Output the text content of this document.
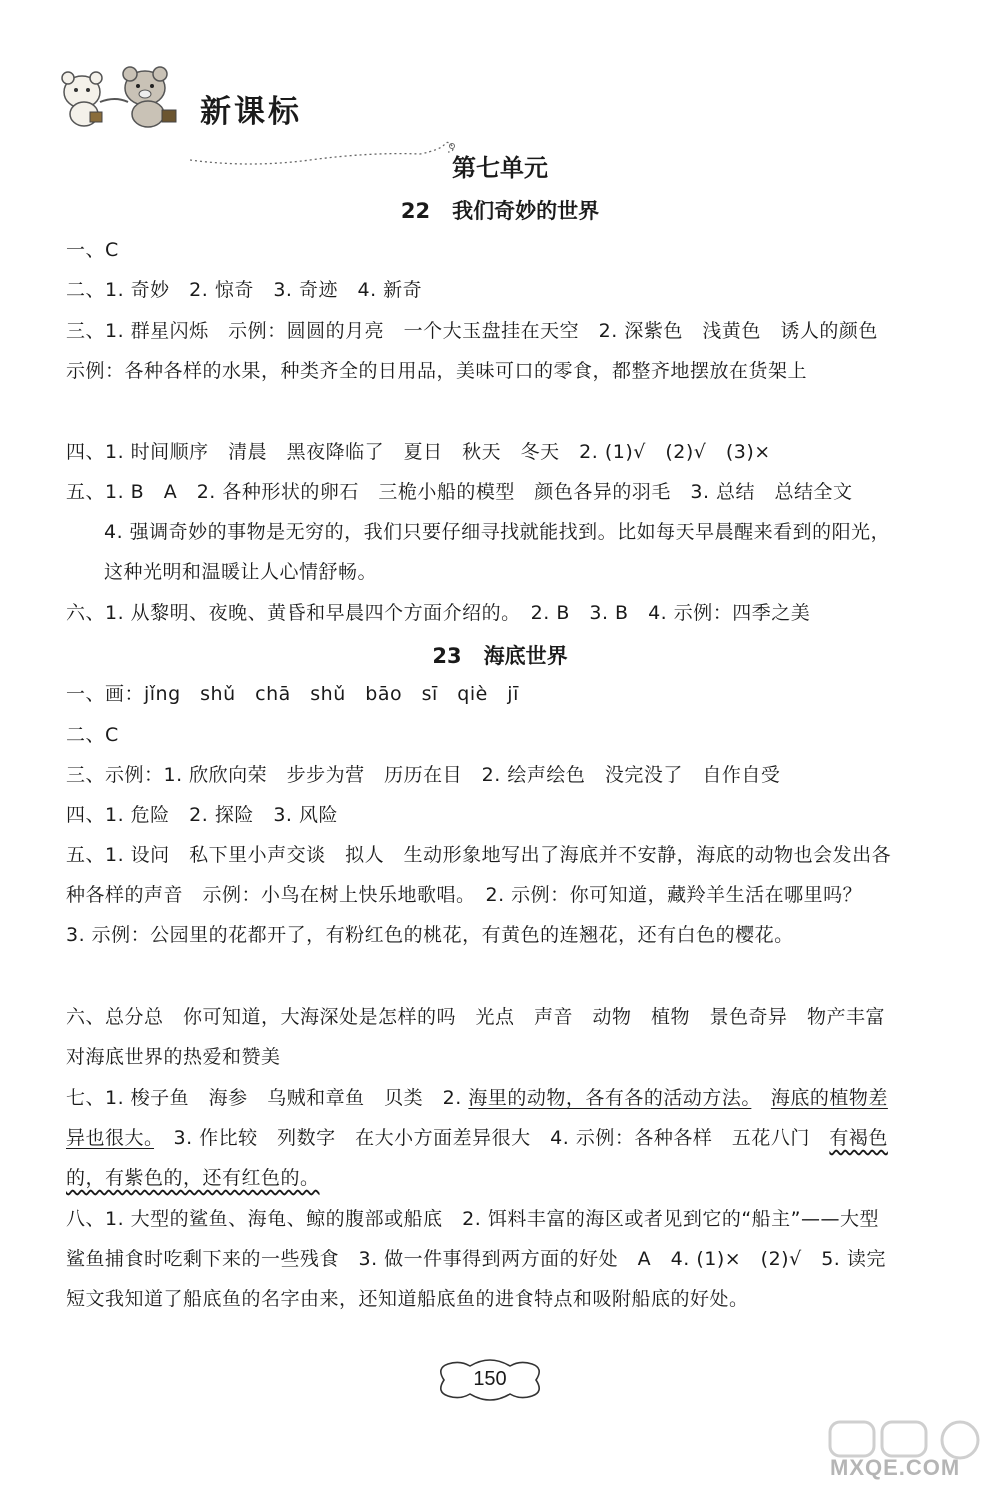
新课标
第七单元
22 我们奇妙的世界
一、C
二、1. 奇妙　2. 惊奇　3. 奇迹　4. 新奇
三、1. 群星闪烁　示例：圆圆的月亮　一个大玉盘挂在天空　2. 深紫色　浅黄色　诱人的颜色　示例：各种各样的水果，种类齐全的日用品，美味可口的零食，都整齐地摆放在货架上
四、1. 时间顺序　清晨　黑夜降临了　夏日　秋天　冬天　2. (1)√　(2)√　(3)×
五、1. B　A　2. 各种形状的卵石　三桅小船的模型　颜色各异的羽毛　3. 总结　总结全文
4. 强调奇妙的事物是无穷的，我们只要仔细寻找就能找到。比如每天早晨醒来看到的阳光，这种光明和温暖让人心情舒畅。
六、1. 从黎明、夜晚、黄昏和早晨四个方面介绍的。　2. B　3. B　4. 示例：四季之美
23 海底世界
一、画：jǐng　shǔ　chā　shǔ　bāo　sī　qiè　jī
二、C
三、示例：1. 欣欣向荣　步步为营　历历在目　2. 绘声绘色　没完没了　自作自受
四、1. 危险　2. 探险　3. 风险
五、1. 设问　私下里小声交谈　拟人　生动形象地写出了海底并不安静，海底的动物也会发出各种各样的声音　示例：小鸟在树上快乐地歌唱。　2. 示例：你可知道，藏羚羊生活在哪里吗？　3. 示例：公园里的花都开了，有粉红色的桃花，有黄色的连翘花，还有白色的樱花。
六、总分总　你可知道，大海深处是怎样的吗　光点　声音　动物　植物　景色奇异　物产丰富　对海底世界的热爱和赞美
七、1. 梭子鱼　海参　乌贼和章鱼　贝类　2. 海里的动物，各有各的活动方法。　 海底的植物差异也很大。　3. 作比较　列数字　在大小方面差异很大　4. 示例：各种各样　五花八门　有褐色的，有紫色的，还有红色的。
八、1. 大型的鲨鱼、海龟、鲸的腹部或船底　2. 饵料丰富的海区或者见到它的“船主”——大型鲨鱼捕食时吃剩下来的一些残食　3. 做一件事得到两方面的好处　A　4. (1)×　(2)√　5. 读完短文我知道了船底鱼的名字由来，还知道船底鱼的进食特点和吸附船底的好处。
150
MXQE.COM
